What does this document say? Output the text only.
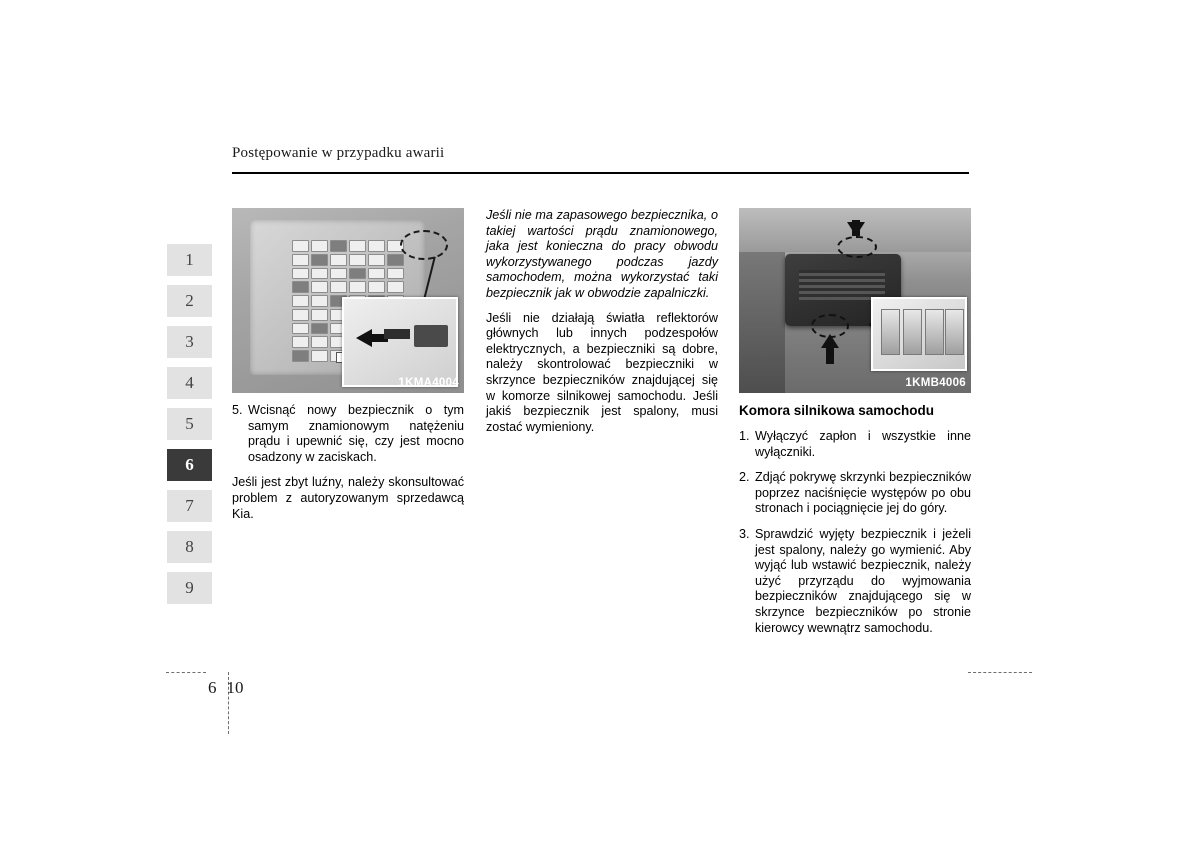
Postępowanie w przypadku awarii
1
2
3
4
5
6
7
8
9
1KMA4004
5. Wcisnąć nowy bezpiecznik o tym samym znamionowym natężeniu prądu i upewnić się, czy jest mocno osadzony w zaciskach.

Jeśli jest zbyt luźny, należy skonsultować problem z autoryzowanym sprzedawcą Kia.

Jeśli nie ma zapasowego bezpiecznika, o takiej wartości prądu znamionowego, jaka jest konieczna do pracy obwodu wykorzystywanego podczas jazdy samochodem, można wykorzystać taki bezpiecznik jak w obwodzie zapalniczki.

Jeśli nie działają światła reflektorów głównych lub innych podzespołów elektrycznych, a bezpieczniki są dobre, należy skontrolować bezpieczniki w skrzynce bezpieczników znajdującej się w komorze silnikowej samochodu. Jeśli jakiś bezpiecznik jest spalony, musi zostać wymieniony.

1KMB4006
Komora silnikowa samochodu
1. Wyłączyć zapłon i wszystkie inne wyłączniki.
2. Zdjąć pokrywę skrzynki bezpieczników poprzez naciśnięcie występów po obu stronach i pociągnięcie jej do góry.
3. Sprawdzić wyjęty bezpiecznik i jeżeli jest spalony, należy go wymienić. Aby wyjąć lub wstawić bezpiecznik, należy użyć przyrządu do wyjmowania bezpieczników znajdującego się w skrzynce bezpieczników po stronie kierowcy wewnątrz samochodu.
6 10
